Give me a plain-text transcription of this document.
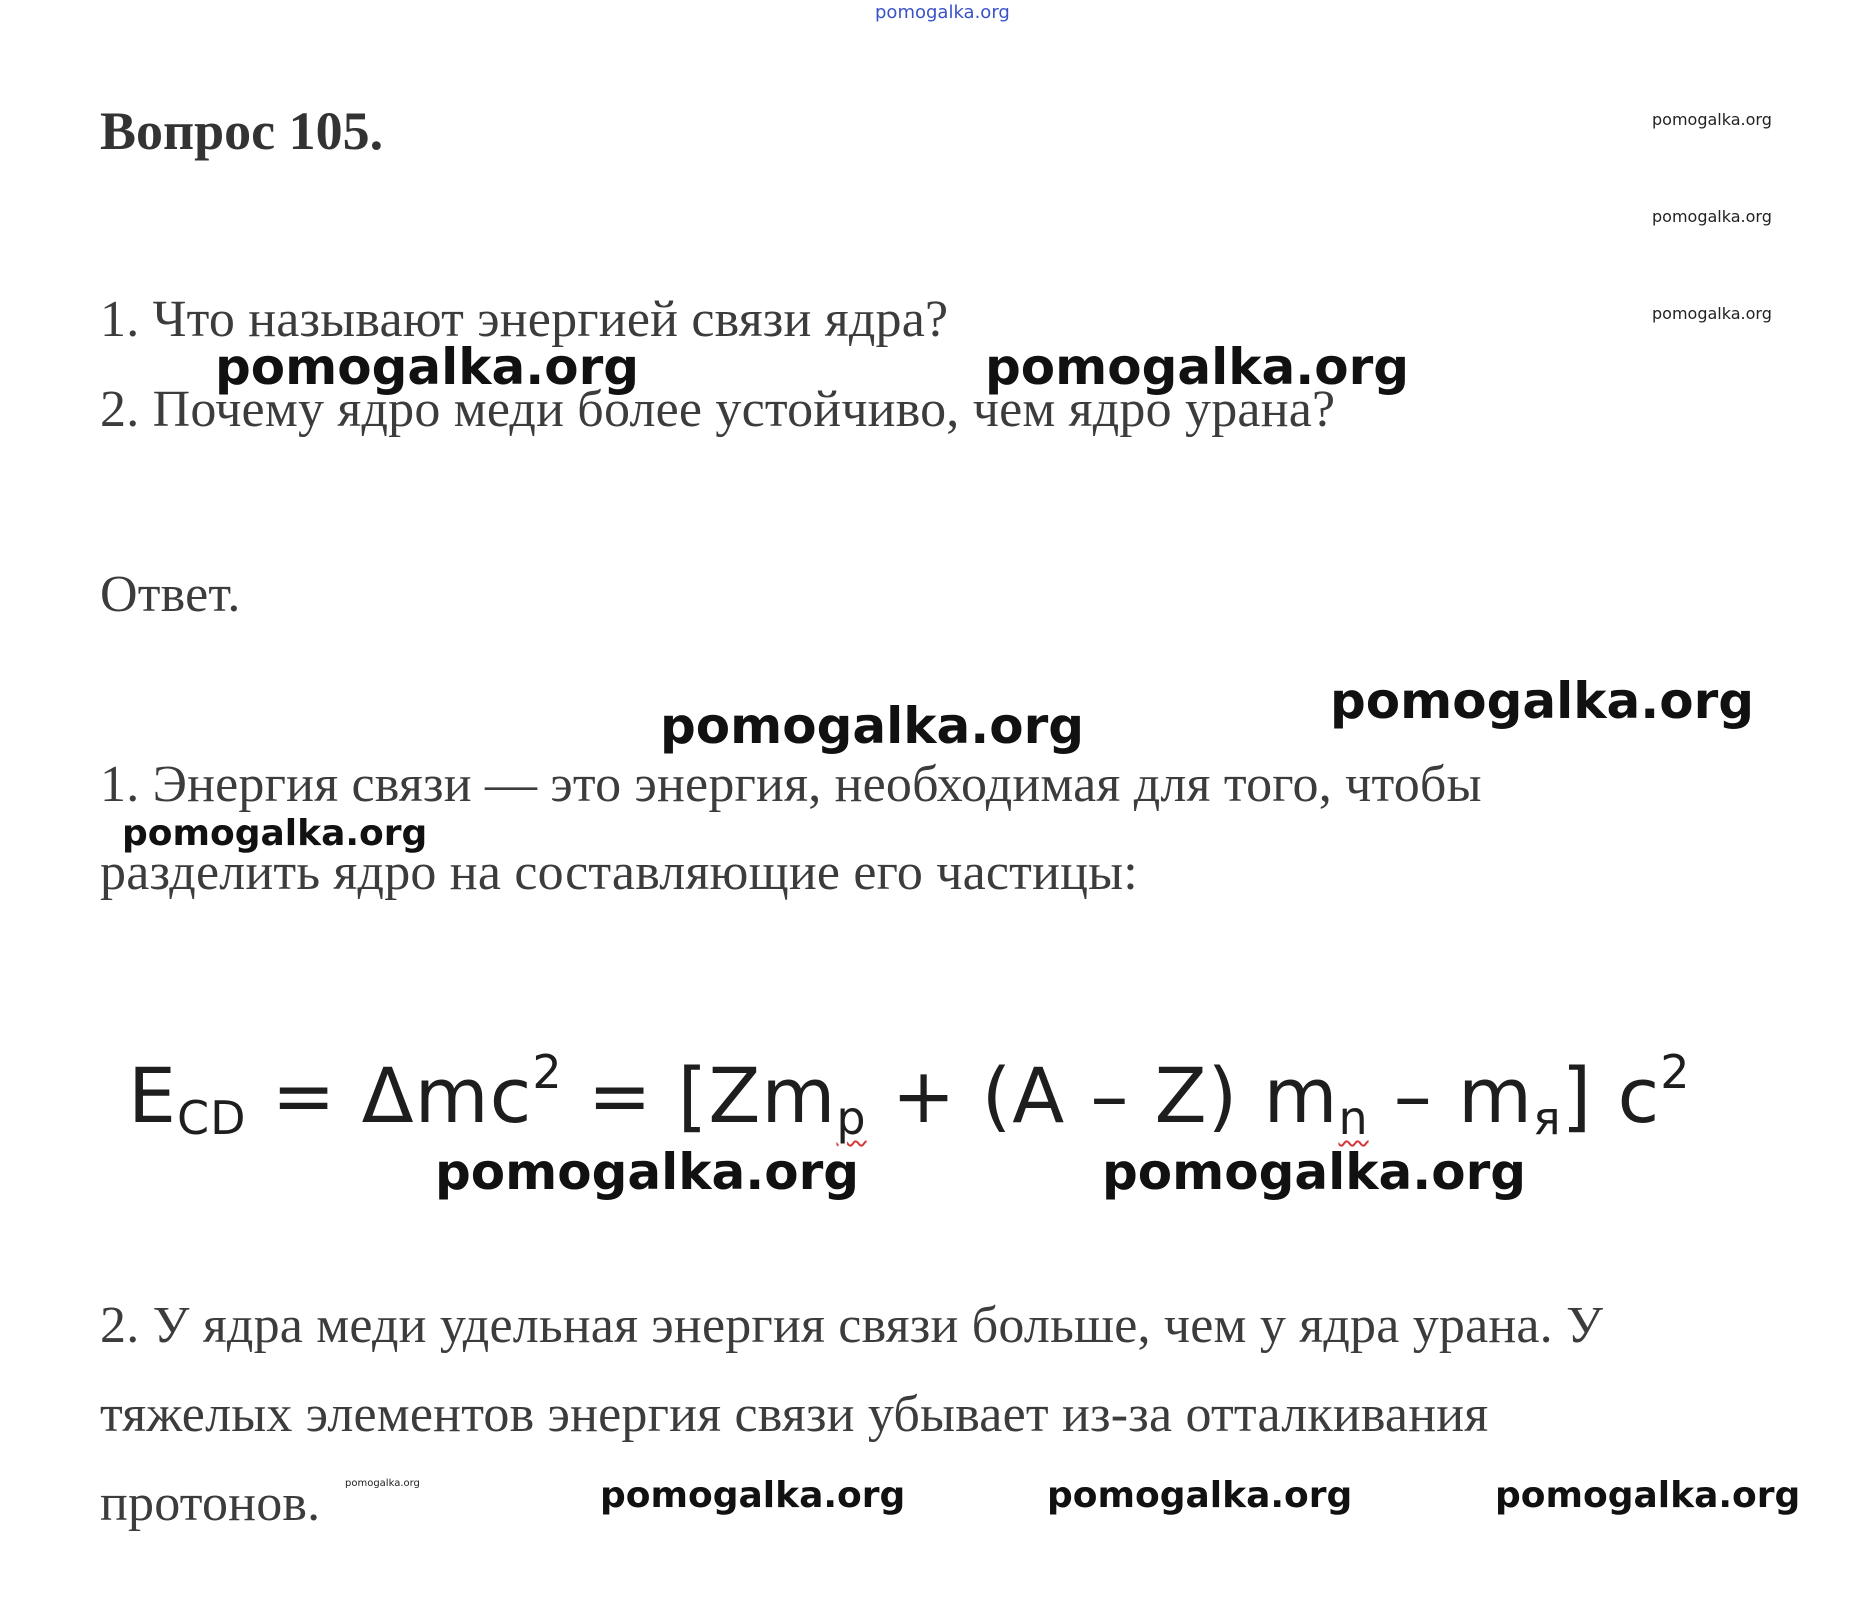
pomogalka.org
Вопрос 105.	pomogalka.org
pomogalka.org
pomogalka.org
1. Что называют энергией связи ядра?
2. Почему ядро меди более устойчиво, чем ядро урана?
pomogalka.org	pomogalka.org
Ответ.
pomogalka.org	pomogalka.org
1. Энергия связи — это энергия, необходимая для того, чтобы
pomogalka.org
разделить ядро на составляющие его частицы:
$E_{CD} = \Delta mc^2 = [Zm_p + (A - Z)$ $m_n - m_я$] $c^2$
pomogalka.org	pomogalka.org
2. У ядра меди удельная энергия связи больше, чем у ядра урана. У
тяжелых элементов энергия связи убывает из-за отталкивания
протонов. pomogalka.org	pomogalka.org	pomogalka.org	pomogalka.org
